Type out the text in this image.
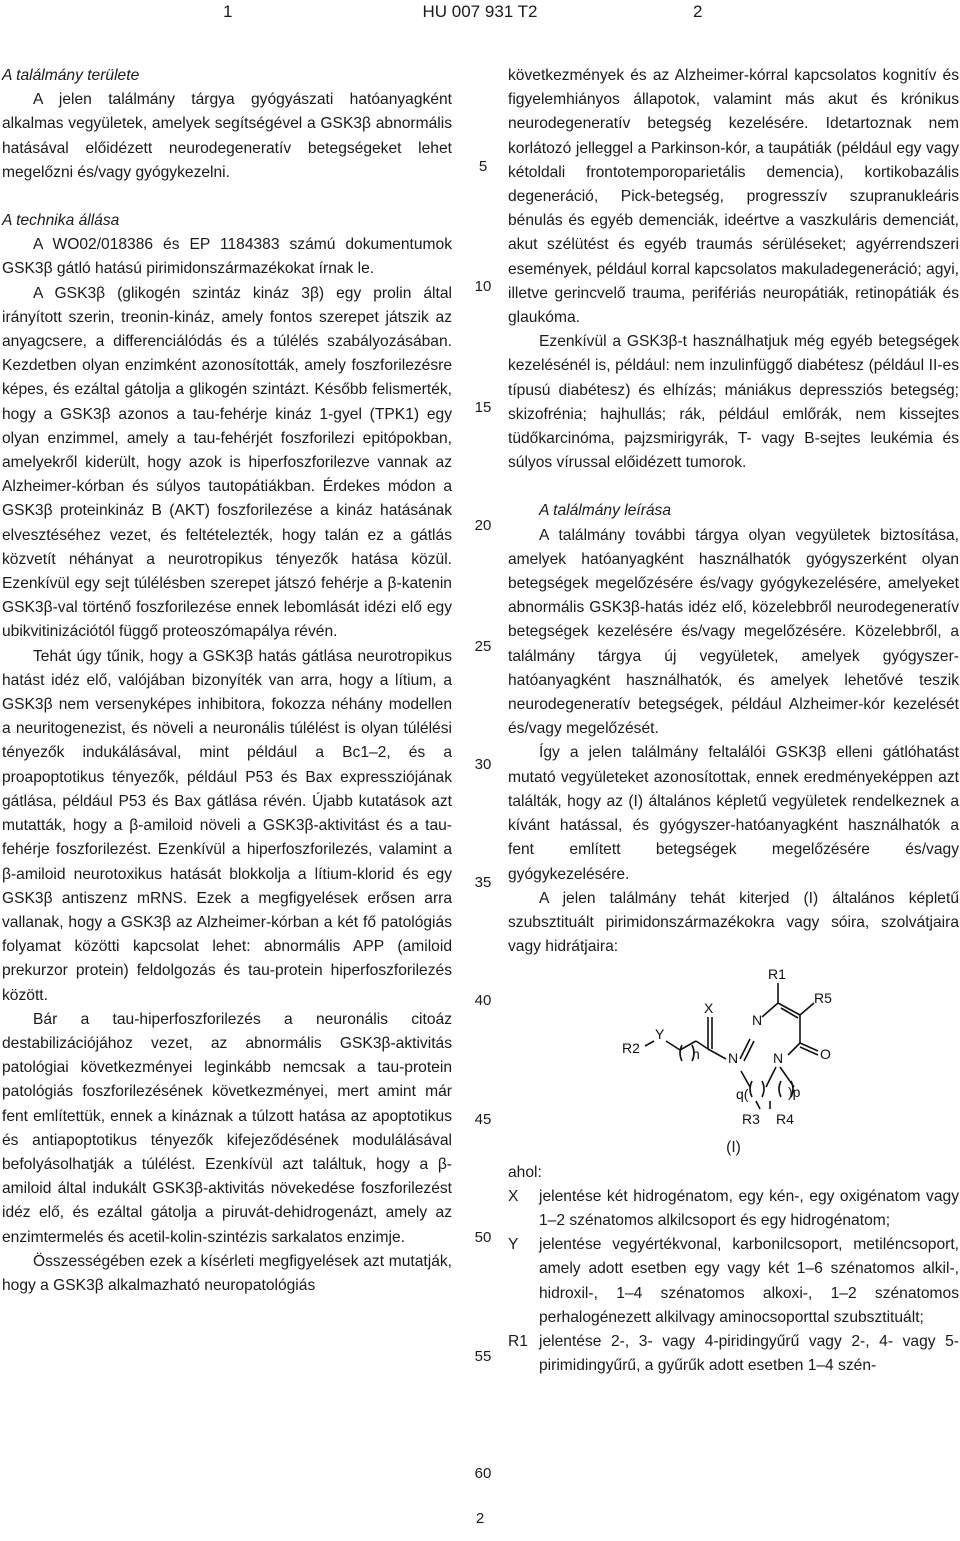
1	HU 007 931 T2	2
A találmány területe

A jelen találmány tárgya gyógyászati hatóanyagként alkalmas vegyületek, amelyek segítségével a GSK3β abnormális hatásával előidézett neurodegeneratív betegségeket lehet megelőzni és/vagy gyógykezelni.

A technika állása

A WO02/018386 és EP 1184383 számú dokumentumok GSK3β gátló hatású pirimidonszármazékokat írnak le.

A GSK3β (glikogén szintáz kináz 3β) egy prolin által irányított szerin, treonin-kináz, amely fontos szerepet játszik az anyagcsere, a differenciálódás és a túlélés szabályozásában. Kezdetben olyan enzimként azonosították, amely foszforilezésre képes, és ezáltal gátolja a glikogén szintázt. Később felismerték, hogy a GSK3β azonos a tau-fehérje kináz 1-gyel (TPK1) egy olyan enzimmel, amely a tau-fehérjét foszforilezi epitópokban, amelyekről kiderült, hogy azok is hiperfoszforilezve vannak az Alzheimer-kórban és súlyos tautopátiákban. Érdekes módon a GSK3β proteinkináz B (AKT) foszforilezése a kináz hatásának elvesztéséhez vezet, és feltételezték, hogy talán ez a gátlás közvetít néhányat a neurotropikus tényezők hatása közül. Ezenkívül egy sejt túlélésben szerepet játszó fehérje a β-katenin GSK3β-val történő foszforilezése ennek lebomlását idézi elő egy ubikvitinizációtól függő proteoszómapálya révén.

Tehát úgy tűnik, hogy a GSK3β hatás gátlása neurotropikus hatást idéz elő, valójában bizonyíték van arra, hogy a lítium, a GSK3β nem versenyképes inhibitora, fokozza néhány modellen a neuritogenezist, és növeli a neuronális túlélést is olyan túlélési tényezők indukálásával, mint például a Bc1–2, és a proapoptotikus tényezők, például P53 és Bax expressziójának gátlása, például P53 és Bax gátlása révén. Újabb kutatások azt mutatták, hogy a β-amiloid növeli a GSK3β-aktivitást és a tau-fehérje foszforilezést. Ezenkívül a hiperfoszforilezés, valamint a β-amiloid neurotoxikus hatását blokkolja a lítium-klorid és egy GSK3β antiszenz mRNS. Ezek a megfigyelések erősen arra vallanak, hogy a GSK3β az Alzheimer-kórban a két fő patológiás folyamat közötti kapcsolat lehet: abnormális APP (amiloid prekurzor protein) feldolgozás és tau-protein hiperfoszforilezés között.

Bár a tau-hiperfoszforilezés a neuronális citoáz destabilizációjához vezet, az abnormális GSK3β-aktivitás patológiai következményei leginkább nemcsak a tau-protein patológiás foszforilezésének következményei, mert amint már fent említettük, ennek a kináznak a túlzott hatása az apoptotikus és antiapoptotikus tényezők kifejeződésének modulálásával befolyásolhatják a túlélést. Ezenkívül azt találtuk, hogy a β-amiloid által indukált GSK3β-aktivitás növekedése foszforilezést idéz elő, és ezáltal gátolja a piruvát-dehidrogenázt, amely az enzimtermelés és acetil-kolin-szintézis sarkalatos enzimje.

Összességében ezek a kísérleti megfigyelések azt mutatják, hogy a GSK3β alkalmazható neuropatológiás

következmények és az Alzheimer-kórral kapcsolatos kognitív és figyelemhiányos állapotok, valamint más akut és krónikus neurodegeneratív betegség kezelésére. Idetartoznak nem korlátozó jelleggel a Parkinson-kór, a taupátiák (például egy vagy kétoldali frontotemporoparietális demencia), kortikobazális degeneráció, Pick-betegség, progresszív szupranukleáris bénulás és egyéb demenciák, ideértve a vaszkuláris demenciát, akut szélütést és egyéb traumás sérüléseket; agyérrendszeri események, például korral kapcsolatos makuladegeneráció; agyi, illetve gerincvelő trauma, perifériás neuropátiák, retinopátiák és glaukóma.

Ezenkívül a GSK3β-t használhatjuk még egyéb betegségek kezelésénél is, például: nem inzulinfüggő diabétesz (például II-es típusú diabétesz) és elhízás; mániákus depressziós betegség; skizofrénia; hajhullás; rák, például emlőrák, nem kissejtes tüdőkarcinóma, pajzsmirigyrák, T- vagy B-sejtes leukémia és súlyos vírussal előidézett tumorok.

A találmány leírása

A találmány további tárgya olyan vegyületek biztosítása, amelyek hatóanyagként használhatók gyógyszerként olyan betegségek megelőzésére és/vagy gyógykezelésére, amelyeket abnormális GSK3β-hatás idéz elő, közelebbről neurodegeneratív betegségek kezelésére és/vagy megelőzésére. Közelebbről, a találmány tárgya új vegyületek, amelyek gyógyszer-hatóanyagként használhatók, és amelyek lehetővé teszik neurodegeneratív betegségek, például Alzheimer-kór kezelését és/vagy megelőzését.

Így a jelen találmány feltalálói GSK3β elleni gátlóhatást mutató vegyületeket azonosítottak, ennek eredményeképpen azt találták, hogy az (I) általános képletű vegyületek rendelkeznek a kívánt hatással, és gyógyszer-hatóanyagként használhatók a fent említett betegségek megelőzésére és/vagy gyógykezelésére.

A jelen találmány tehát kiterjed (I) általános képletű szubsztituált pirimidonszármazékokra vagy sóira, szolvátjaira vagy hidrátjaira:

R1
R5
X
Y
R2
N
N
N	O
n
q(	)p
R3 R4
(I)

ahol:

X	jelentése két hidrogénatom, egy kén-, egy oxigénatom vagy 1–2 szénatomos alkilcsoport és egy hidrogénatom;
Y	jelentése vegyértékvonal, karbonilcsoport, metiléncsoport, amely adott esetben egy vagy két 1–6 szénatomos alkil-, hidroxil-, 1–4 szénatomos alkoxi-, 1–2 szénatomos perhalogénezett alkilvagy aminocsoporttal szubsztituált;
R1 jelentése 2-, 3- vagy 4-piridingyűrű vagy 2-, 4- vagy 5-pirimidingyűrű, a gyűrűk adott esetben 1–4 szén-
5
10
15
20
25
30
35
40
45
50
55
60
2
